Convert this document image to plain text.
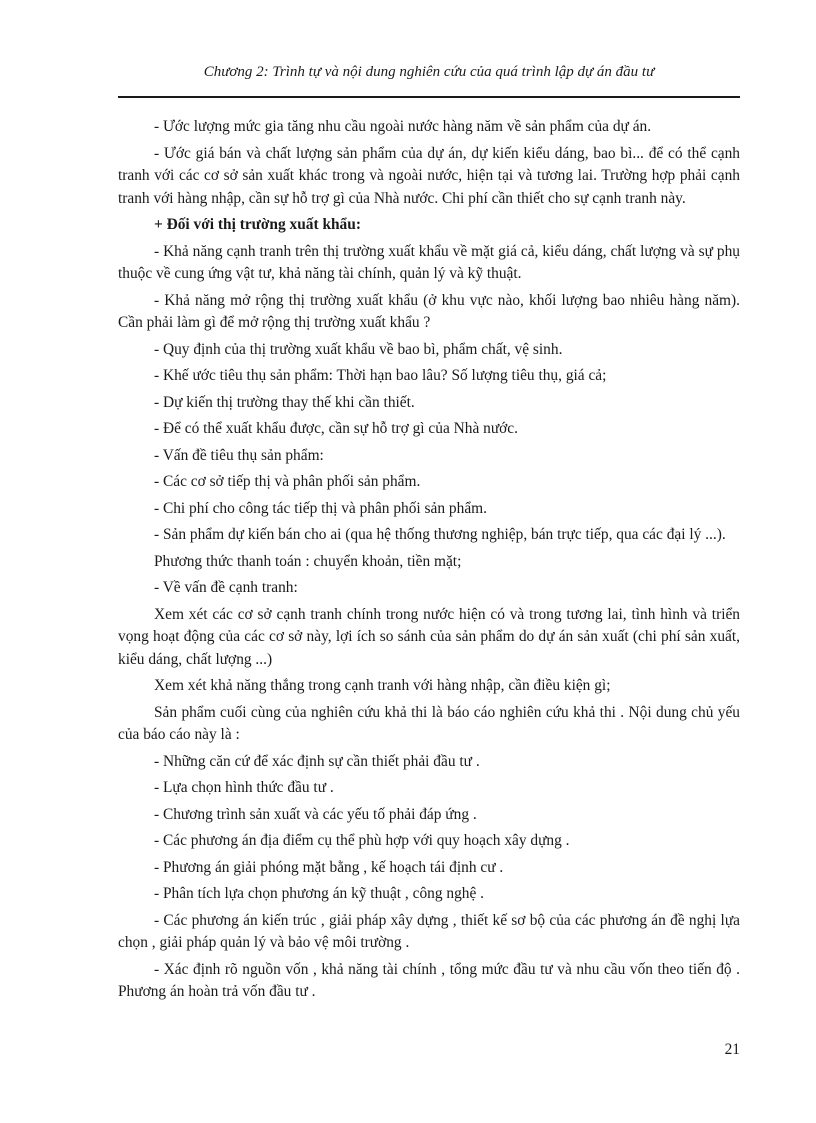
Chương 2: Trình tự và nội dung nghiên cứu của quá trình lập dự án đầu tư

- Ước lượng mức gia tăng nhu cầu ngoài nước hàng năm về sản phẩm của dự án.

- Ước giá bán và chất lượng sản phẩm của dự án, dự kiến kiểu dáng, bao bì... để có thể cạnh tranh với các cơ sở sản xuất khác trong và ngoài nước, hiện tại và tương lai. Trường hợp phải cạnh tranh với hàng nhập, cần sự hỗ trợ gì của Nhà nước. Chi phí cần thiết cho sự cạnh tranh này.

+ Đối với thị trường xuất khẩu:

- Khả năng cạnh tranh trên thị trường xuất khẩu về mặt giá cả, kiểu dáng, chất lượng và sự phụ thuộc về cung ứng vật tư, khả năng tài chính, quản lý và kỹ thuật.

- Khả năng mở rộng thị trường xuất khẩu (ở khu vực nào, khối lượng bao nhiêu hàng năm). Cần phải làm gì để mở rộng thị trường xuất khẩu ?

- Quy định của thị trường xuất khẩu về bao bì, phẩm chất, vệ sinh.

- Khế ước tiêu thụ sản phẩm: Thời hạn bao lâu? Số lượng tiêu thụ, giá cả;

- Dự kiến thị trường thay thế khi cần thiết.

- Để có thể xuất khẩu được, cần sự hỗ trợ gì của Nhà nước.

- Vấn đề tiêu thụ sản phẩm:

- Các cơ sở tiếp thị và phân phối sản phẩm.

- Chi phí cho công tác tiếp thị và phân phối sản phẩm.

- Sản phẩm dự kiến bán cho ai (qua hệ thống thương nghiệp, bán trực tiếp, qua các đại lý ...).

Phương thức thanh toán : chuyển khoản, tiền mặt;

- Về vấn đề cạnh tranh:

Xem xét các cơ sở cạnh tranh chính trong nước hiện có và trong tương lai, tình hình và triển vọng hoạt động của các cơ sở này, lợi ích so sánh của sản phẩm do dự án sản xuất (chi phí sản xuất, kiểu dáng, chất lượng ...)

Xem xét khả năng thắng trong cạnh tranh với hàng nhập, cần điều kiện gì;

Sản phẩm cuối cùng của nghiên cứu khả thi là báo cáo nghiên cứu khả thi . Nội dung chủ yếu của báo cáo này là :

- Những căn cứ để xác định sự cần thiết phải đầu tư .

- Lựa chọn hình thức đầu tư .

- Chương trình sản xuất và các yếu tố phải đáp ứng .

- Các phương án địa điểm cụ thể phù hợp với quy hoạch xây dựng .

- Phương án giải phóng mặt bằng , kế hoạch tái định cư .

- Phân tích lựa chọn phương án kỹ thuật , công nghệ .

- Các phương án kiến trúc , giải pháp xây dựng , thiết kế sơ bộ của các phương án đề nghị lựa chọn , giải pháp quản lý và bảo vệ môi trường .

- Xác định rõ nguồn vốn , khả năng tài chính , tổng mức đầu tư và nhu cầu vốn theo tiến độ . Phương án hoàn trả vốn đầu tư .

21
